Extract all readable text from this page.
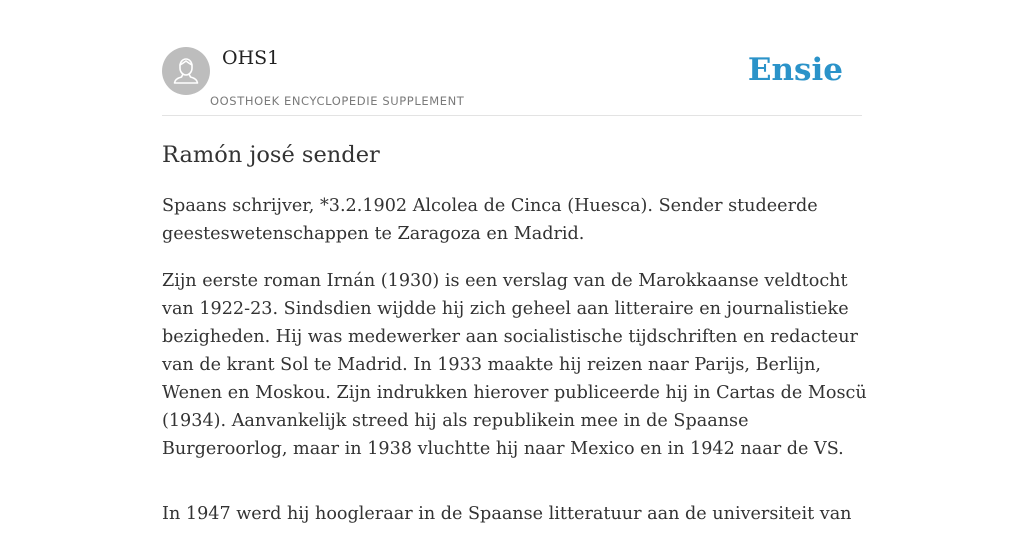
OHS1
OOSTHOEK ENCYCLOPEDIE SUPPLEMENT
Ensie
Ramón josé sender

Spaans schrijver, *3.2.1902 Alcolea de Cinca (Huesca). Sender studeerde geesteswetenschappen te Zaragoza en Madrid.

Zijn eerste roman Irnán (1930) is een verslag van de Marokkaanse veldtocht van 1922-23. Sindsdien wijdde hij zich geheel aan litteraire en journalistieke bezigheden. Hij was medewerker aan socialistische tijdschriften en redacteur van de krant Sol te Madrid. In 1933 maakte hij reizen naar Parijs, Berlijn, Wenen en Moskou. Zijn indrukken hierover publiceerde hij in Cartas de Moscü (1934). Aanvankelijk streed hij als republikein mee in de Spaanse Burgeroorlog, maar in 1938 vluchtte hij naar Mexico en in 1942 naar de VS.

In 1947 werd hij hoogleraar in de Spaanse litteratuur aan de universiteit van
